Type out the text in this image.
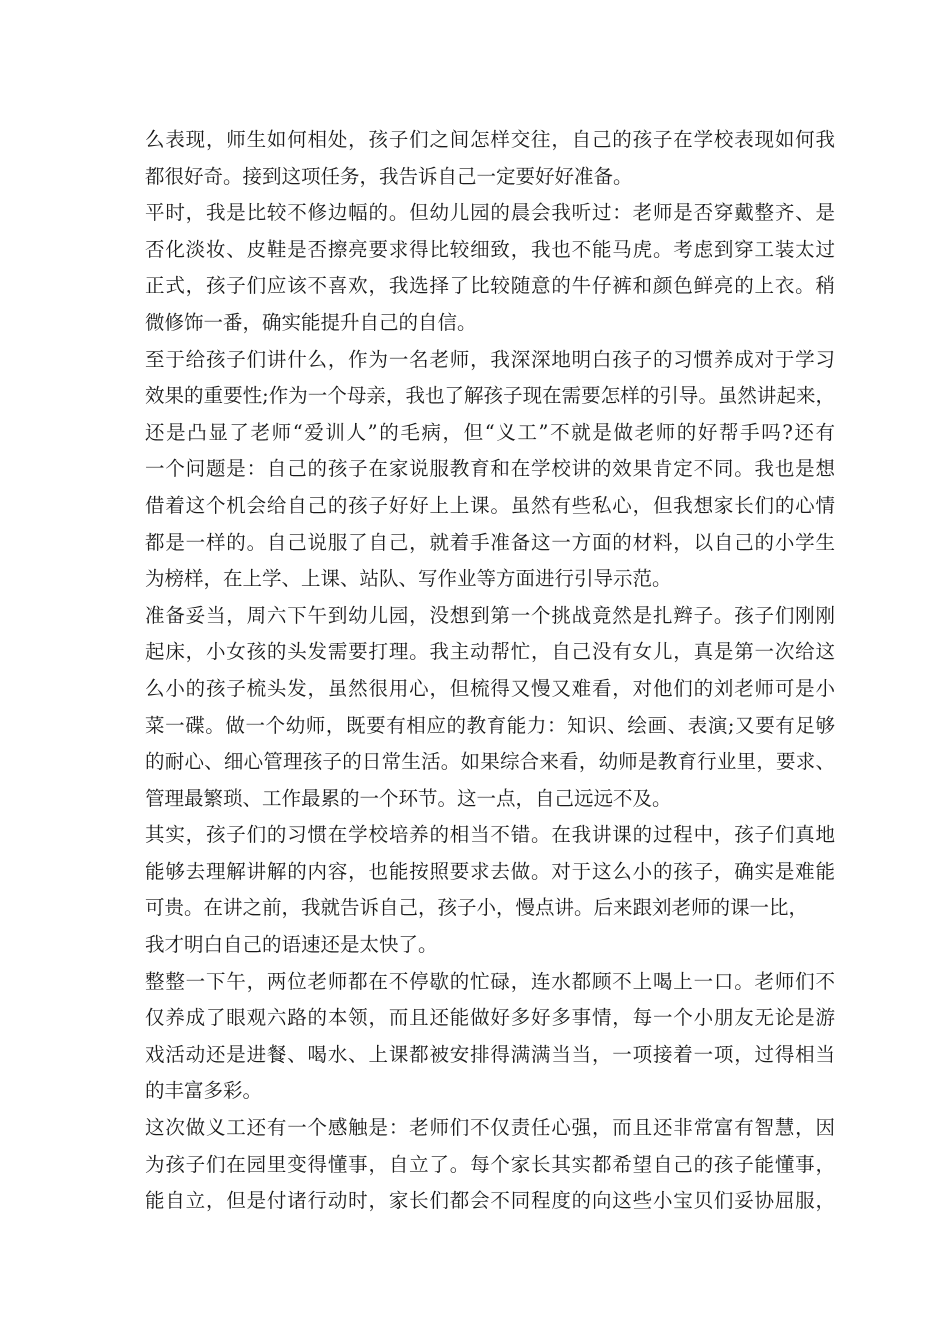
么表现，师生如何相处，孩子们之间怎样交往，自己的孩子在学校表现如何我
都很好奇。接到这项任务，我告诉自己一定要好好准备。
平时，我是比较不修边幅的。但幼儿园的晨会我听过：老师是否穿戴整齐、是
否化淡妆、皮鞋是否擦亮要求得比较细致，我也不能马虎。考虑到穿工装太过
正式，孩子们应该不喜欢，我选择了比较随意的牛仔裤和颜色鲜亮的上衣。稍
微修饰一番，确实能提升自己的自信。
至于给孩子们讲什么，作为一名老师，我深深地明白孩子的习惯养成对于学习
效果的重要性;作为一个母亲，我也了解孩子现在需要怎样的引导。虽然讲起来，
还是凸显了老师“爱训人”的毛病，但“义工”不就是做老师的好帮手吗?还有
一个问题是：自己的孩子在家说服教育和在学校讲的效果肯定不同。我也是想
借着这个机会给自己的孩子好好上上课。虽然有些私心，但我想家长们的心情
都是一样的。自己说服了自己，就着手准备这一方面的材料，以自己的小学生
为榜样，在上学、上课、站队、写作业等方面进行引导示范。
准备妥当，周六下午到幼儿园，没想到第一个挑战竟然是扎辫子。孩子们刚刚
起床，小女孩的头发需要打理。我主动帮忙，自己没有女儿，真是第一次给这
么小的孩子梳头发，虽然很用心，但梳得又慢又难看，对他们的刘老师可是小
菜一碟。做一个幼师，既要有相应的教育能力：知识、绘画、表演;又要有足够
的耐心、细心管理孩子的日常生活。如果综合来看，幼师是教育行业里，要求、
管理最繁琐、工作最累的一个环节。这一点，自己远远不及。
其实，孩子们的习惯在学校培养的相当不错。在我讲课的过程中，孩子们真地
能够去理解讲解的内容，也能按照要求去做。对于这么小的孩子，确实是难能
可贵。在讲之前，我就告诉自己，孩子小，慢点讲。后来跟刘老师的课一比，
我才明白自己的语速还是太快了。
整整一下午，两位老师都在不停歇的忙碌，连水都顾不上喝上一口。老师们不
仅养成了眼观六路的本领，而且还能做好多好多事情，每一个小朋友无论是游
戏活动还是进餐、喝水、上课都被安排得满满当当，一项接着一项，过得相当
的丰富多彩。
这次做义工还有一个感触是：老师们不仅责任心强，而且还非常富有智慧，因
为孩子们在园里变得懂事，自立了。每个家长其实都希望自己的孩子能懂事，
能自立，但是付诸行动时，家长们都会不同程度的向这些小宝贝们妥协屈服，
